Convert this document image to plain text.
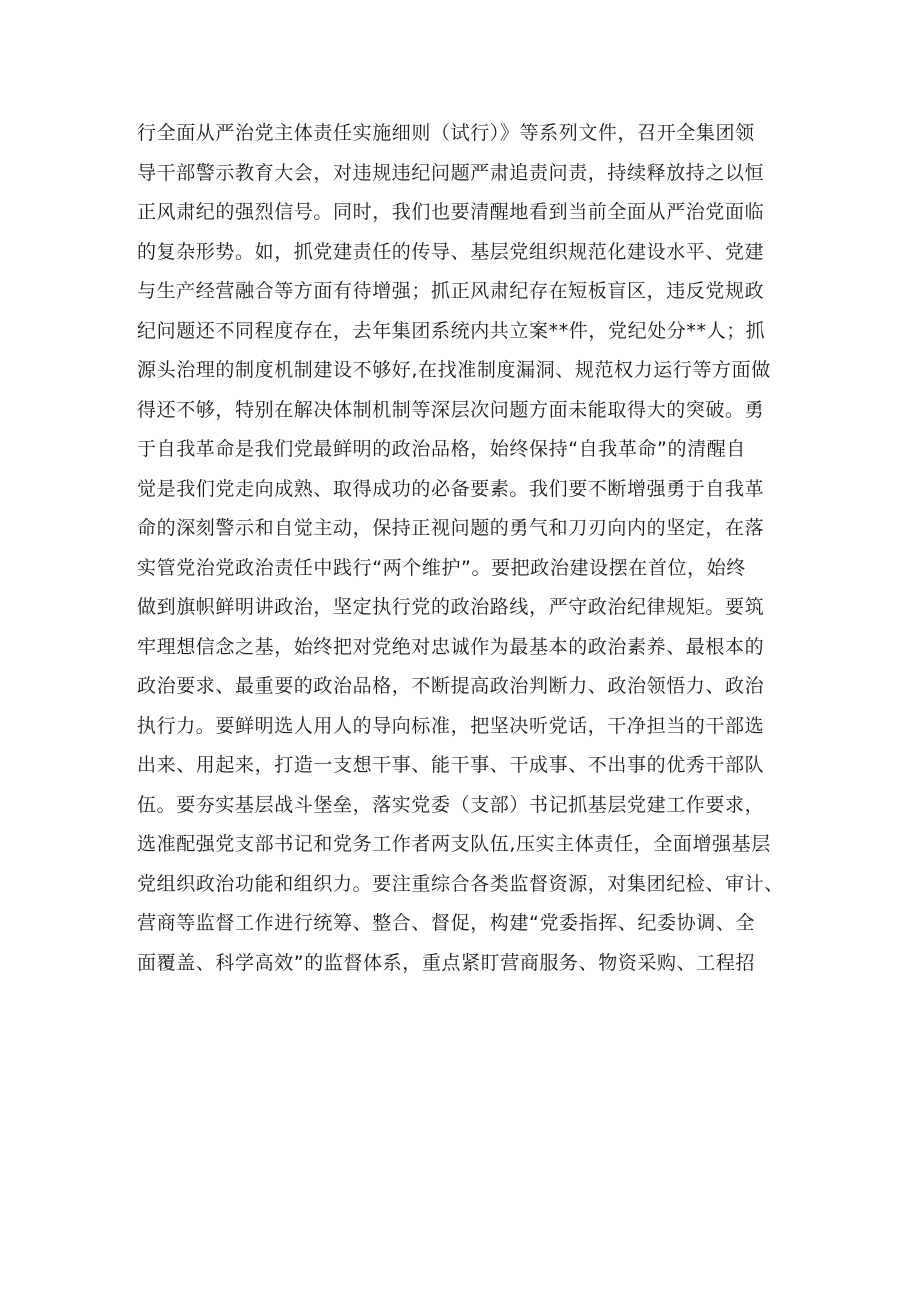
行全面从严治党主体责任实施细则（试行）》等系列文件，召开全集团领
导干部警示教育大会，对违规违纪问题严肃追责问责，持续释放持之以恒
正风肃纪的强烈信号。同时，我们也要清醒地看到当前全面从严治党面临
的复杂形势。如，抓党建责任的传导、基层党组织规范化建设水平、党建
与生产经营融合等方面有待增强；抓正风肃纪存在短板盲区，违反党规政
纪问题还不同程度存在，去年集团系统内共立案**件，党纪处分**人；抓
源头治理的制度机制建设不够好,在找准制度漏洞、规范权力运行等方面做
得还不够，特别在解决体制机制等深层次问题方面未能取得大的突破。勇
于自我革命是我们党最鲜明的政治品格，始终保持“自我革命”的清醒自
觉是我们党走向成熟、取得成功的必备要素。我们要不断增强勇于自我革
命的深刻警示和自觉主动，保持正视问题的勇气和刀刃向内的坚定，在落
实管党治党政治责任中践行“两个维护”。要把政治建设摆在首位，始终
做到旗帜鲜明讲政治，坚定执行党的政治路线，严守政治纪律规矩。要筑
牢理想信念之基，始终把对党绝对忠诚作为最基本的政治素养、最根本的
政治要求、最重要的政治品格，不断提高政治判断力、政治领悟力、政治
执行力。要鲜明选人用人的导向标准，把坚决听党话，干净担当的干部选
出来、用起来，打造一支想干事、能干事、干成事、不出事的优秀干部队
伍。要夯实基层战斗堡垒，落实党委（支部）书记抓基层党建工作要求，
选准配强党支部书记和党务工作者两支队伍,压实主体责任，全面增强基层
党组织政治功能和组织力。要注重综合各类监督资源，对集团纪检、审计、
营商等监督工作进行统筹、整合、督促，构建“党委指挥、纪委协调、全
面覆盖、科学高效”的监督体系，重点紧盯营商服务、物资采购、工程招
